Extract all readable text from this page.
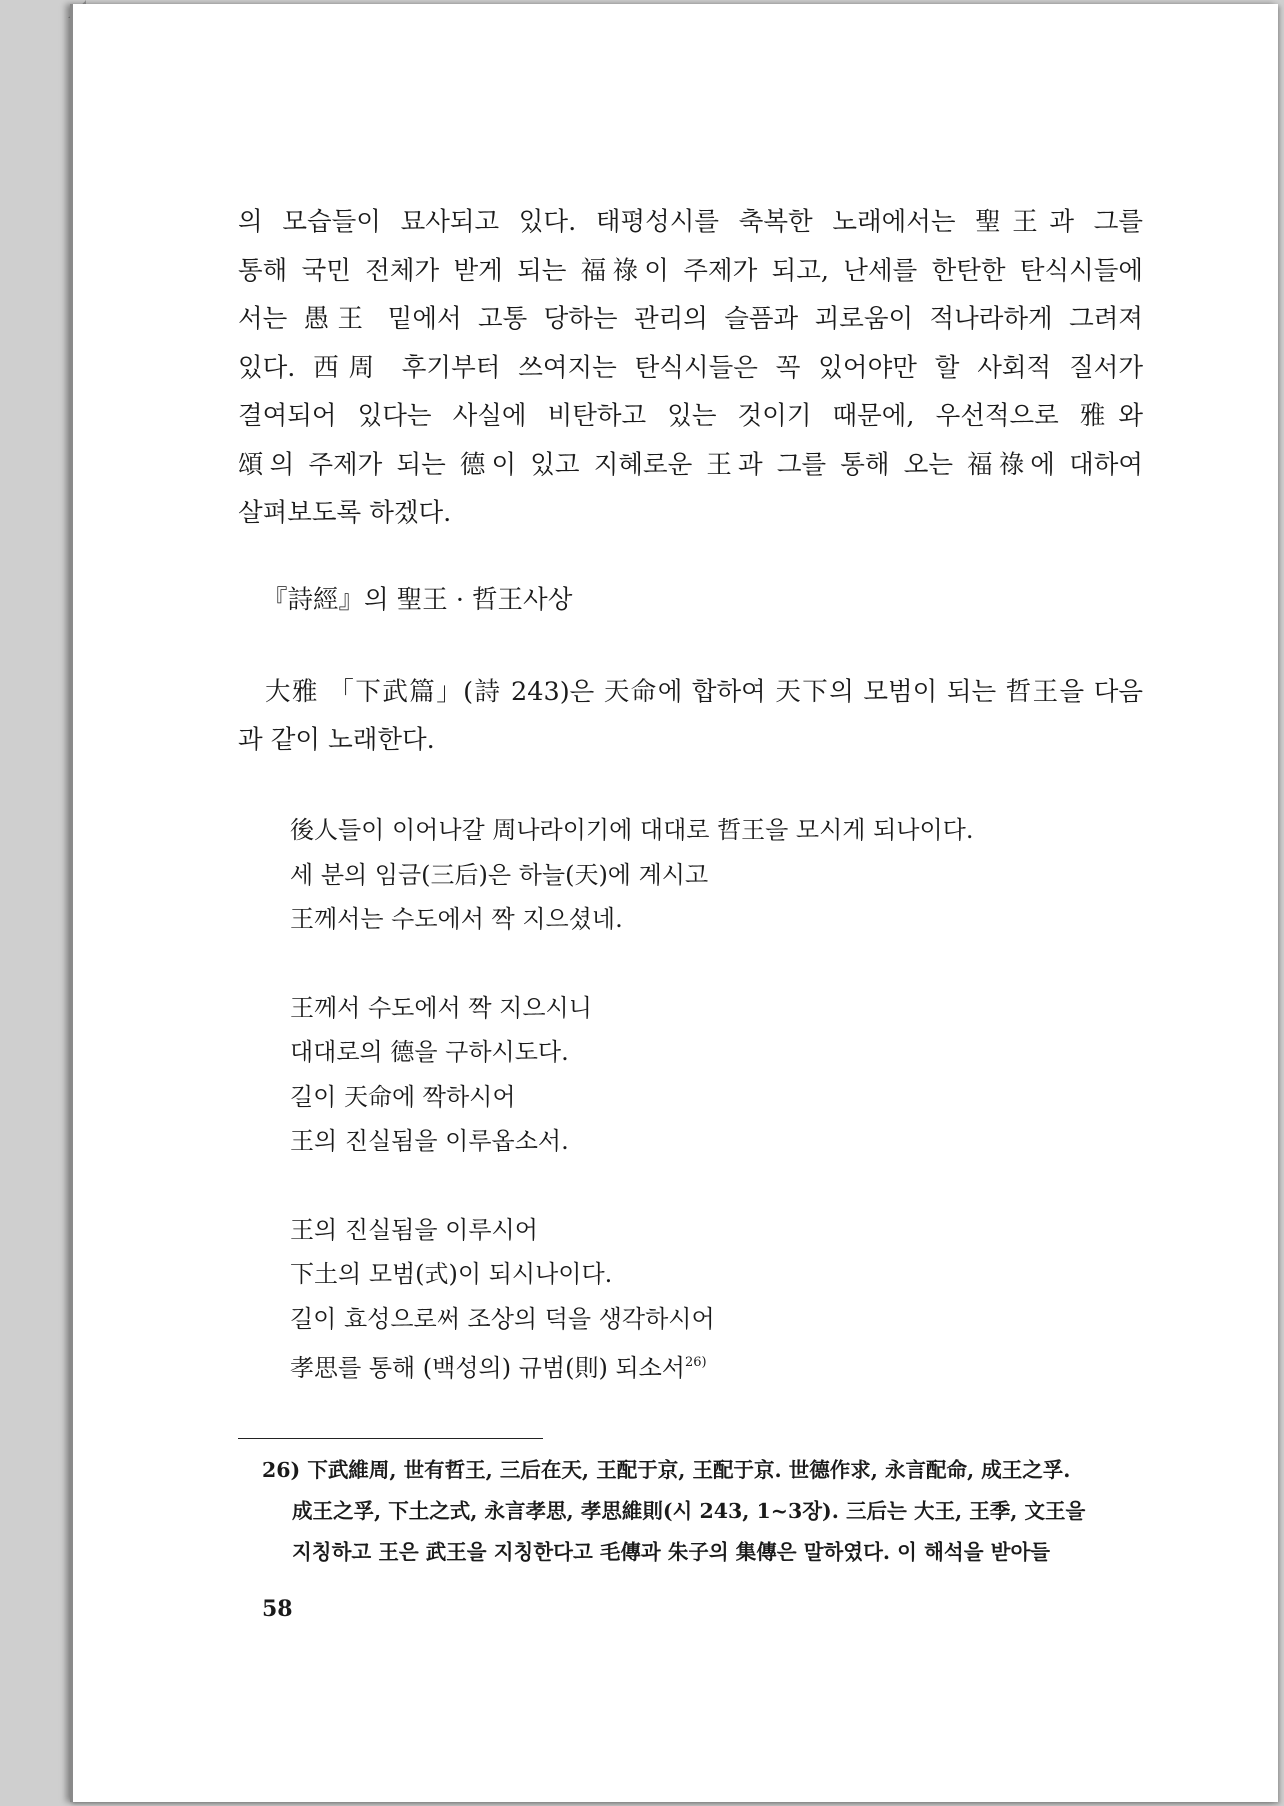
의 모습들이 묘사되고 있다. 태평성시를 축복한 노래에서는 聖王과 그를
통해 국민 전체가 받게 되는 福祿이 주제가 되고, 난세를 한탄한 탄식시들에
서는 愚王 밑에서 고통 당하는 관리의 슬픔과 괴로움이 적나라하게 그려져
있다. 西周 후기부터 쓰여지는 탄식시들은 꼭 있어야만 할 사회적 질서가
결여되어 있다는 사실에 비탄하고 있는 것이기 때문에, 우선적으로 雅와
頌의 주제가 되는 德이 있고 지혜로운 王과 그를 통해 오는 福祿에 대하여
살펴보도록 하겠다.

『詩經』의 聖王 · 哲王사상
大雅 「下武篇」(詩 243)은 天命에 합하여 天下의 모범이 되는 哲王을 다음
과 같이 노래한다.
後人들이 이어나갈 周나라이기에 대대로 哲王을 모시게 되나이다.
세 분의 임금(三后)은 하늘(天)에 계시고
王께서는 수도에서 짝 지으셨네.
王께서 수도에서 짝 지으시니
대대로의 德을 구하시도다.
길이 天命에 짝하시어
王의 진실됨을 이루옵소서.
王의 진실됨을 이루시어
下土의 모범(式)이 되시나이다.
길이 효성으로써 조상의 덕을 생각하시어
孝思를 통해 (백성의) 규범(則) 되소서$^{26)}$
26) 下武維周, 世有哲王, 三后在天, 王配于京, 王配于京. 世德作求, 永言配命, 成王之孚.
成王之孚, 下土之式, 永言孝思, 孝思維則(시 243, 1~3장). 三后는 大王, 王季, 文王을
지칭하고 王은 武王을 지칭한다고 毛傳과 朱子의 集傳은 말하였다. 이 해석을 받아들
58
